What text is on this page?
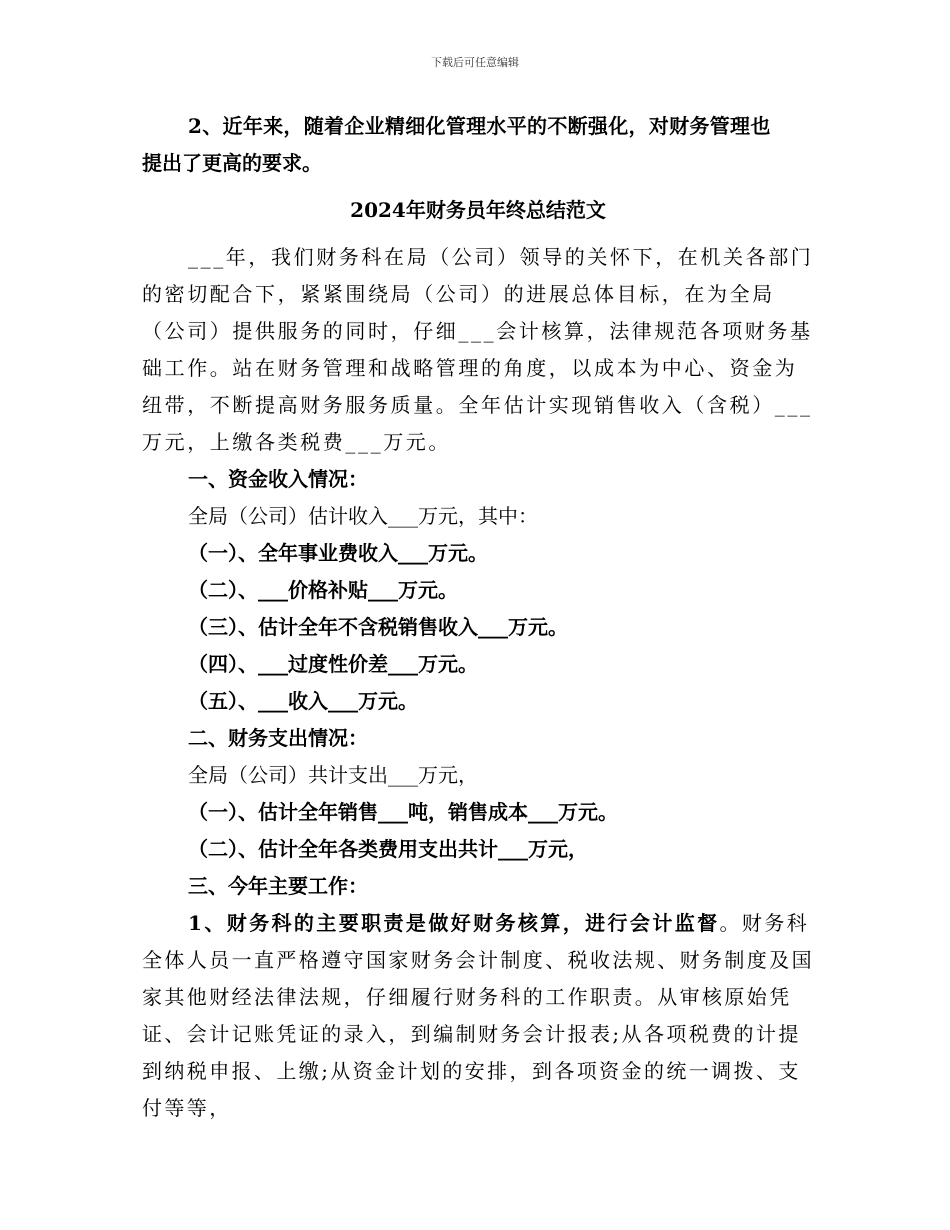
下载后可任意编辑

2、近年来，随着企业精细化管理水平的不断强化，对财务管理也

提出了更高的要求。

2024年财务员年终总结范文

___年，我们财务科在局（公司）领导的关怀下，在机关各部门的密切配合下，紧紧围绕局（公司）的进展总体目标，在为全局（公司）提供服务的同时，仔细___会计核算，法律规范各项财务基础工作。站在财务管理和战略管理的角度，以成本为中心、资金为纽带，不断提高财务服务质量。全年估计实现销售收入（含税）___万元，上缴各类税费___万元。

一、资金收入情况：

全局（公司）估计收入___万元，其中：

（一）、全年事业费收入___万元。

（二）、___价格补贴___万元。

（三）、估计全年不含税销售收入___万元。

（四）、___过度性价差___万元。

（五）、___收入___万元。

二、财务支出情况：

全局（公司）共计支出___万元，

（一）、估计全年销售___吨，销售成本___万元。

（二）、估计全年各类费用支出共计___万元，

三、今年主要工作：

1、财务科的主要职责是做好财务核算，进行会计监督。财务科全体人员一直严格遵守国家财务会计制度、税收法规、财务制度及国家其他财经法律法规，仔细履行财务科的工作职责。从审核原始凭证、会计记账凭证的录入，到编制财务会计报表;从各项税费的计提到纳税申报、上缴;从资金计划的安排，到各项资金的统一调拨、支付等等，
